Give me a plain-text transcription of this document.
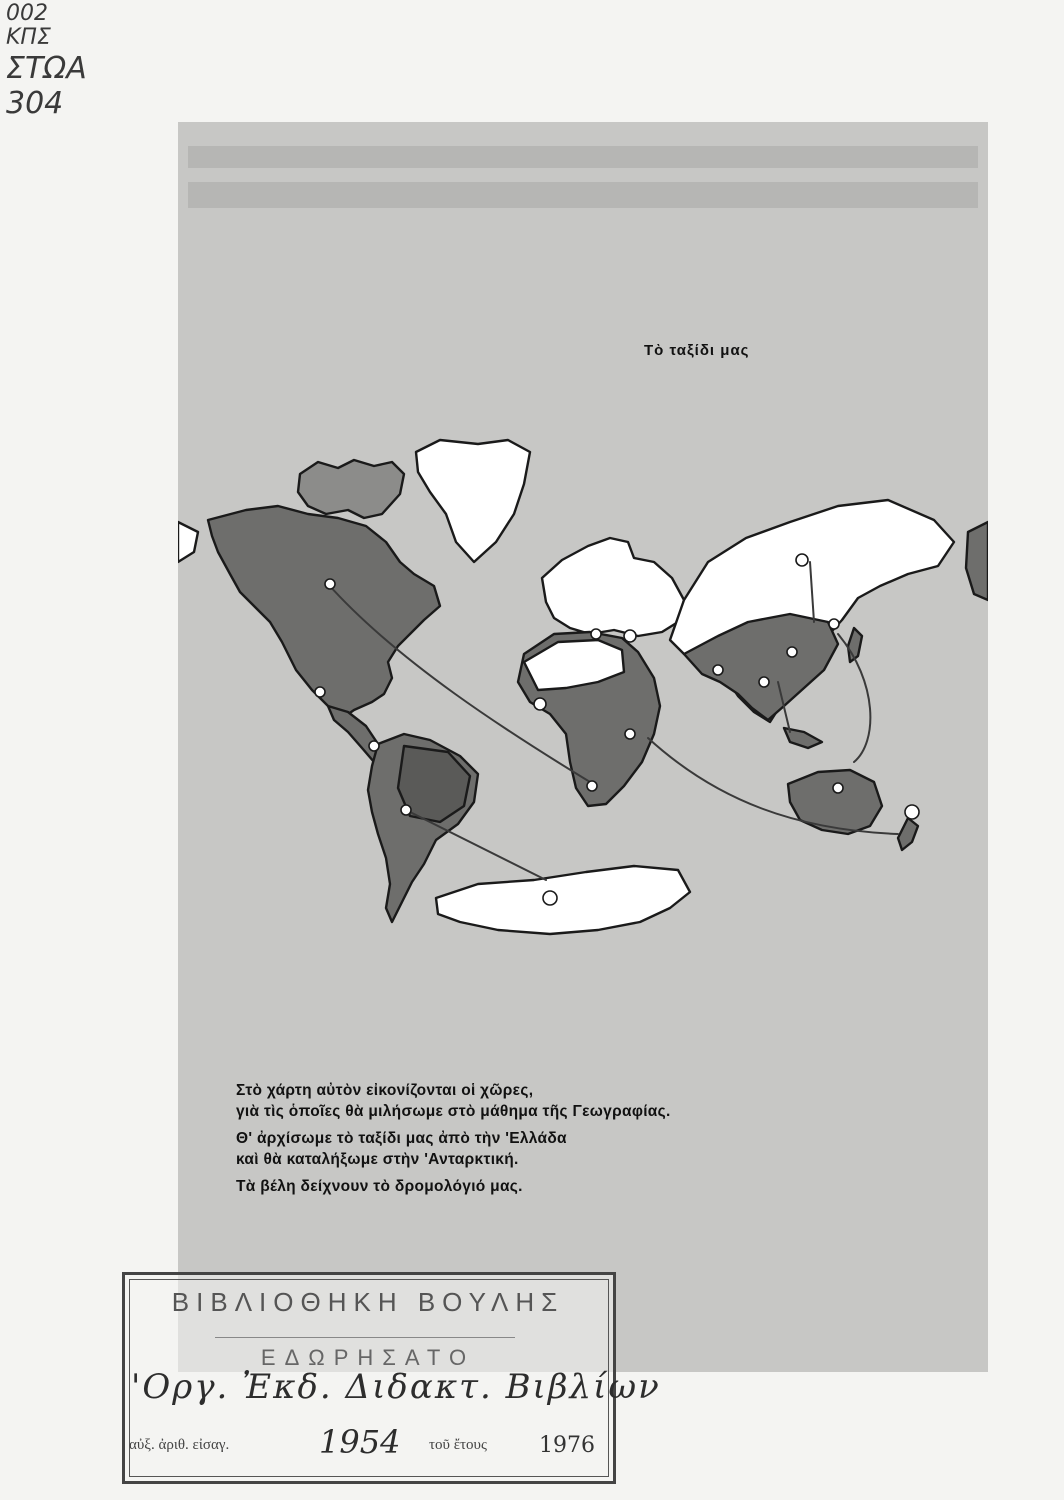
002
ΚΠΣ
ΣΤΩΑ
304
Τὸ ταξίδι μας
Στὸ χάρτη αὐτὸν εἰκονίζονται οἱ χῶρες,
γιὰ τὶς ὁποῖες θὰ μιλήσωμε στὸ μάθημα τῆς Γεωγραφίας.
Θ' ἀρχίσωμε τὸ ταξίδι μας ἀπὸ τὴν 'Ελλάδα
καὶ θὰ καταλήξωμε στὴν 'Ανταρκτική.
Τὰ βέλη δείχνουν τὸ δρομολόγιό μας.
ΒΙΒΛΙΟΘΗΚΗ ΒΟΥΛΗΣ
ΕΔΩΡΗΣΑΤΟ
'Οργ. Ἐκδ. Διδακτ. Βιβλίων
αὐξ. ἀριθ. εἰσαγ.	1954 τοῦ ἔτους 1976
